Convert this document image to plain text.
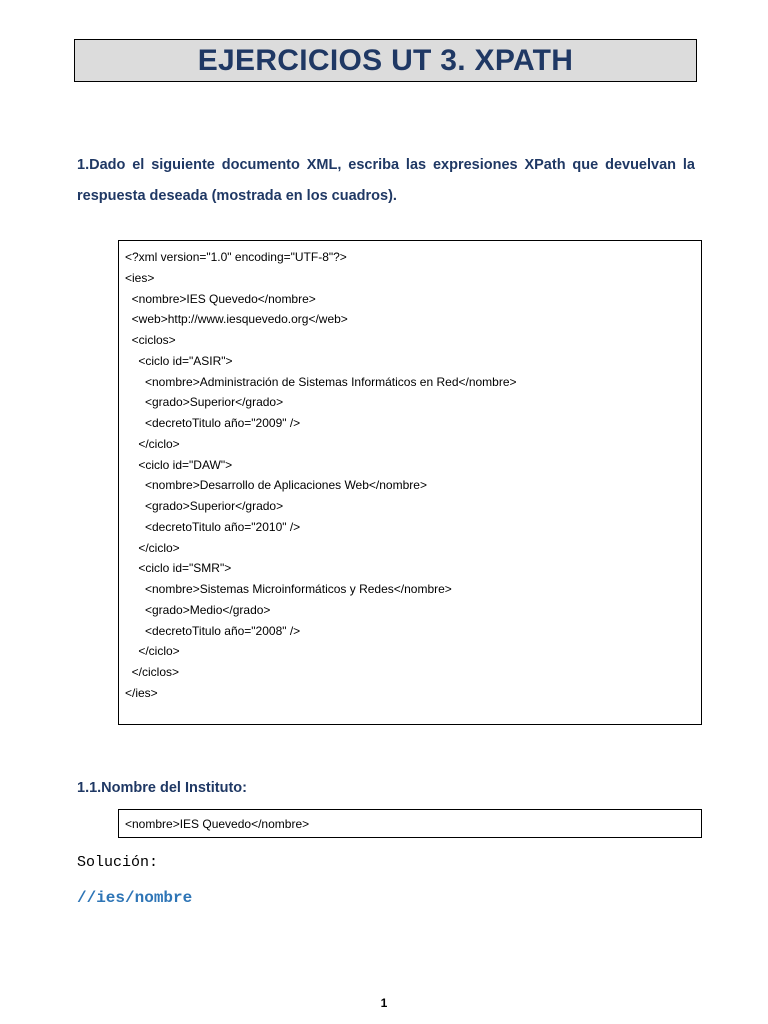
EJERCICIOS UT 3. XPATH
1.Dado el siguiente documento XML, escriba las expresiones XPath que devuelvan la respuesta deseada (mostrada en los cuadros).
<?xml version="1.0" encoding="UTF-8"?>
<ies>
<nombre>IES Quevedo</nombre>
<web>http://www.iesquevedo.org</web>
<ciclos>
<ciclo id="ASIR">
<nombre>Administración de Sistemas Informáticos en Red</nombre>
<grado>Superior</grado>
<decretoTitulo año="2009" />
</ciclo>
<ciclo id="DAW">
<nombre>Desarrollo de Aplicaciones Web</nombre>
<grado>Superior</grado>
<decretoTitulo año="2010" />
</ciclo>
<ciclo id="SMR">
<nombre>Sistemas Microinformáticos y Redes</nombre>
<grado>Medio</grado>
<decretoTitulo año="2008" />
</ciclo>
</ciclos>
</ies>
1.1.Nombre del Instituto:
<nombre>IES Quevedo</nombre>
Solución:
//ies/nombre
1
